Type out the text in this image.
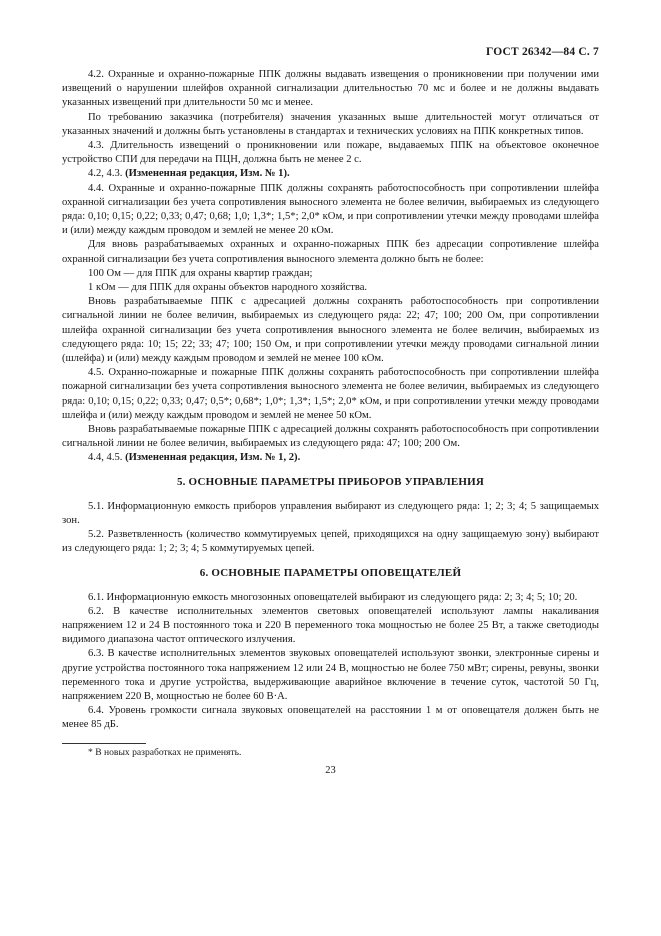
ГОСТ 26342—84 С. 7

4.2. Охранные и охранно-пожарные ППК должны выдавать извещения о проникновении при получении ими извещений о нарушении шлейфов охранной сигнализации длительностью 70 мс и более и не должны выдавать указанных извещений при длительности 50 мс и менее.

По требованию заказчика (потребителя) значения указанных выше длительностей могут отличаться от указанных значений и должны быть установлены в стандартах и технических условиях на ППК конкретных типов.

4.3. Длительность извещений о проникновении или пожаре, выдаваемых ППК на объектовое оконечное устройство СПИ для передачи на ПЦН, должна быть не менее 2 с.

4.2, 4.3. (Измененная редакция, Изм. № 1).

4.4. Охранные и охранно-пожарные ППК должны сохранять работоспособность при сопротивлении шлейфа охранной сигнализации без учета сопротивления выносного элемента не более величин, выбираемых из следующего ряда: 0,10; 0,15; 0,22; 0,33; 0,47; 0,68; 1,0; 1,3*; 1,5*; 2,0* кОм, и при сопротивлении утечки между проводами шлейфа и (или) между каждым проводом и землей не менее 20 кОм.

Для вновь разрабатываемых охранных и охранно-пожарных ППК без адресации сопротивление шлейфа охранной сигнализации без учета сопротивления выносного элемента должно быть не более:

100 Ом — для ППК для охраны квартир граждан;

1 кОм — для ППК для охраны объектов народного хозяйства.

Вновь разрабатываемые ППК с адресацией должны сохранять работоспособность при сопротивлении сигнальной линии не более величин, выбираемых из следующего ряда: 22; 47; 100; 200 Ом, при сопротивлении шлейфа охранной сигнализации без учета сопротивления выносного элемента не более величин, выбираемых из следующего ряда: 10; 15; 22; 33; 47; 100; 150 Ом, и при сопротивлении утечки между проводами сигнальной линии (шлейфа) и (или) между каждым проводом и землей не менее 100 кОм.

4.5. Охранно-пожарные и пожарные ППК должны сохранять работоспособность при сопротивлении шлейфа пожарной сигнализации без учета сопротивления выносного элемента не более величин, выбираемых из следующего ряда: 0,10; 0,15; 0,22; 0,33; 0,47; 0,5*; 0,68*; 1,0*; 1,3*; 1,5*; 2,0* кОм, и при сопротивлении утечки между проводами шлейфа и (или) между каждым проводом и землей не менее 50 кОм.

Вновь разрабатываемые пожарные ППК с адресацией должны сохранять работоспособность при сопротивлении сигнальной линии не более величин, выбираемых из следующего ряда: 47; 100; 200 Ом.

4.4, 4.5. (Измененная редакция, Изм. № 1, 2).

5. ОСНОВНЫЕ ПАРАМЕТРЫ ПРИБОРОВ УПРАВЛЕНИЯ

5.1. Информационную емкость приборов управления выбирают из следующего ряда: 1; 2; 3; 4; 5 защищаемых зон.

5.2. Разветвленность (количество коммутируемых цепей, приходящихся на одну защищаемую зону) выбирают из следующего ряда: 1; 2; 3; 4; 5 коммутируемых цепей.

6. ОСНОВНЫЕ ПАРАМЕТРЫ ОПОВЕЩАТЕЛЕЙ

6.1. Информационную емкость многозонных оповещателей выбирают из следующего ряда: 2; 3; 4; 5; 10; 20.

6.2. В качестве исполнительных элементов световых оповещателей используют лампы накаливания напряжением 12 и 24 В постоянного тока и 220 В переменного тока мощностью не более 25 Вт, а также светодиоды видимого диапазона частот оптического излучения.

6.3. В качестве исполнительных элементов звуковых оповещателей используют звонки, электронные сирены и другие устройства постоянного тока напряжением 12 или 24 В, мощностью не более 750 мВт; сирены, ревуны, звонки переменного тока и другие устройства, выдерживающие аварийное включение в течение суток, частотой 50 Гц, напряжением 220 В, мощностью не более 60 В·А.

6.4. Уровень громкости сигнала звуковых оповещателей на расстоянии 1 м от оповещателя должен быть не менее 85 дБ.

* В новых разработках не применять.
23
